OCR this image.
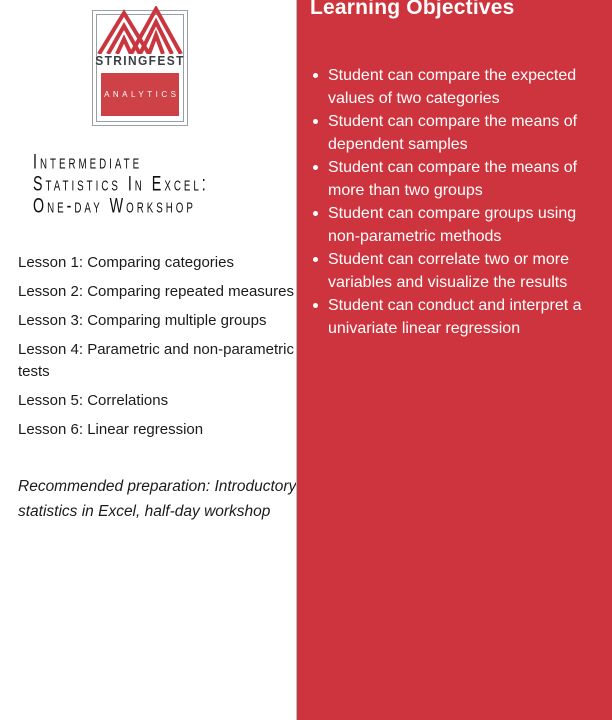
STRINGFEST
ANALYTICS
Intermediate
Statistics In Excel:
One-day Workshop
Lesson 1: Comparing categories
Lesson 2: Comparing repeated measures
Lesson 3: Comparing multiple groups
Lesson 4: Parametric and non-parametric tests
Lesson 5: Correlations
Lesson 6: Linear regression

Recommended preparation: Introductory statistics in Excel, half-day workshop

Learning Objectives
Student can compare the expected values of two categories
Student can compare the means of dependent samples
Student can compare the means of more than two groups
Student can compare groups using non-parametric methods
Student can correlate two or more variables and visualize the results
Student can conduct and interpret a univariate linear regression
